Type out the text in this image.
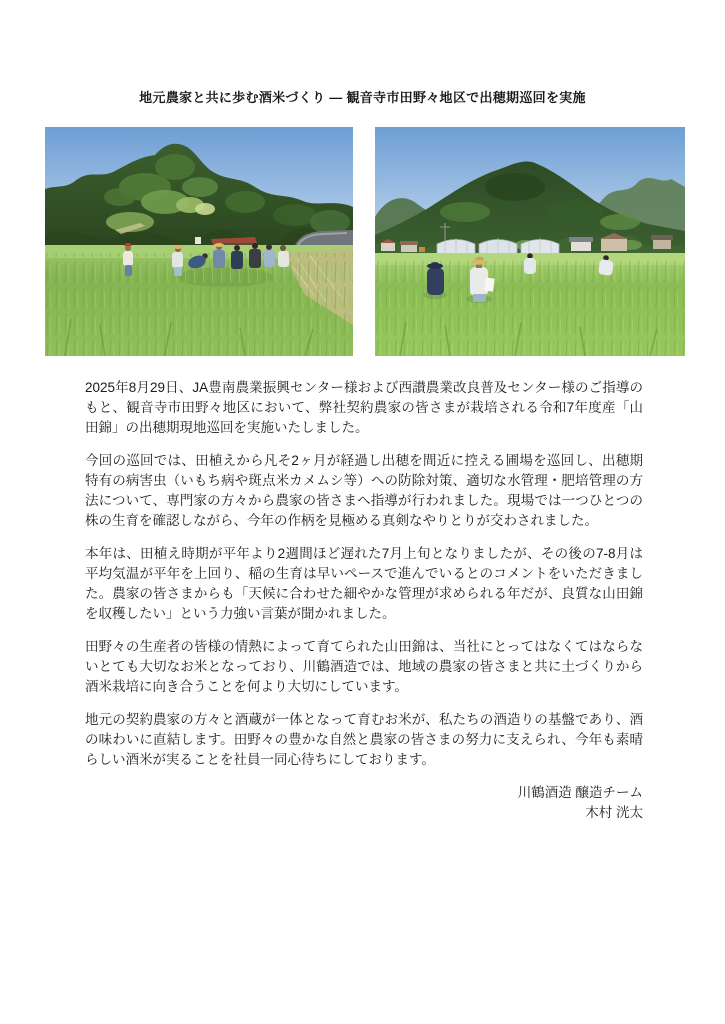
地元農家と共に歩む酒米づくり — 観音寺市田野々地区で出穂期巡回を実施

2025年8月29日、JA豊南農業振興センター様および西讃農業改良普及センター様のご指導のもと、観音寺市田野々地区において、弊社契約農家の皆さまが栽培される令和7年度産「山田錦」の出穂期現地巡回を実施いたしました。

今回の巡回では、田植えから凡そ2ヶ月が経過し出穂を間近に控える圃場を巡回し、出穂期特有の病害虫（いもち病や斑点米カメムシ等）への防除対策、適切な水管理・肥培管理の方法について、専門家の方々から農家の皆さまへ指導が行われました。現場では一つひとつの株の生育を確認しながら、今年の作柄を見極める真剣なやりとりが交わされました。

本年は、田植え時期が平年より2週間ほど遅れた7月上旬となりましたが、その後の7-8月は平均気温が平年を上回り、稲の生育は早いペースで進んでいるとのコメントをいただきました。農家の皆さまからも「天候に合わせた細やかな管理が求められる年だが、良質な山田錦を収穫したい」という力強い言葉が聞かれました。

田野々の生産者の皆様の情熱によって育てられた山田錦は、当社にとってはなくてはならないとても大切なお米となっており、川鶴酒造では、地域の農家の皆さまと共に土づくりから酒米栽培に向き合うことを何より大切にしています。

地元の契約農家の方々と酒蔵が一体となって育むお米が、私たちの酒造りの基盤であり、酒の味わいに直結します。田野々の豊かな自然と農家の皆さまの努力に支えられ、今年も素晴らしい酒米が実ることを社員一同心待ちにしております。

川鶴酒造 醸造チーム
木村 洸太
